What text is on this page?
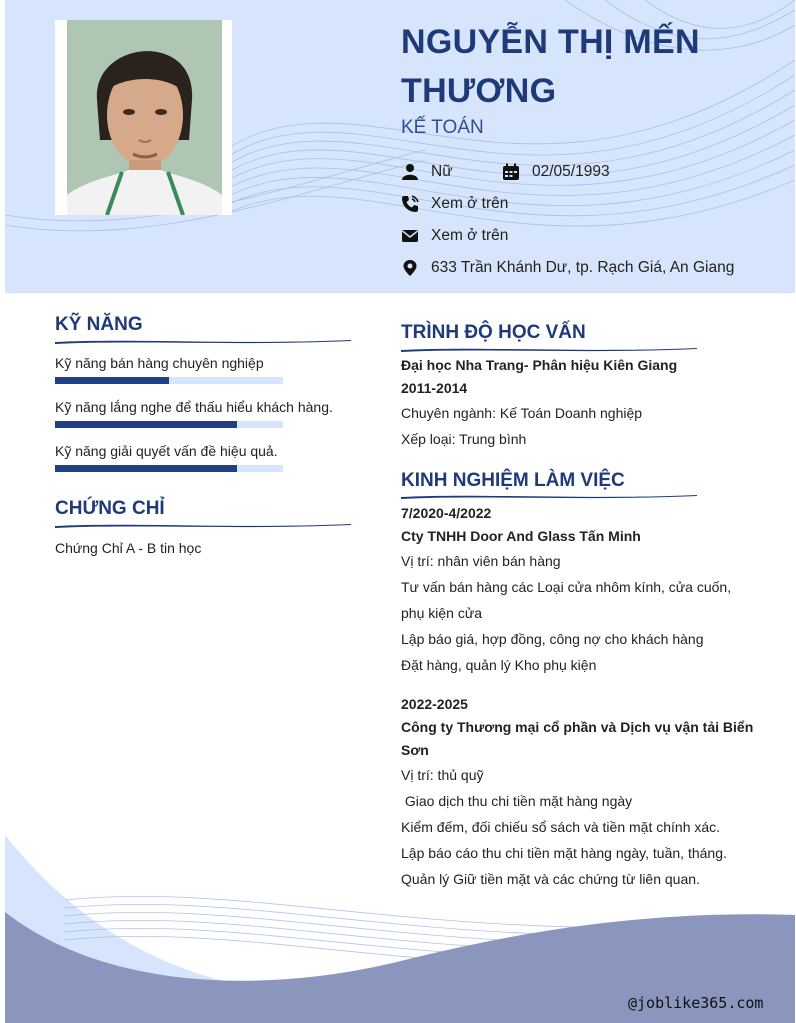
NGUYỄN THỊ MẾN
THƯƠNG
KẾ TOÁN
Nữ	02/05/1993
Xem ở trên
Xem ở trên
633 Trần Khánh Dư, tp. Rạch Giá, An Giang
KỸ NĂNG
Kỹ năng bán hàng chuyên nghiệp
Kỹ năng lắng nghe để thấu hiểu khách hàng.
Kỹ năng giải quyết vấn đề hiệu quả.
CHỨNG CHỈ
Chứng Chỉ A - B tin học
TRÌNH ĐỘ HỌC VẤN
Đại học Nha Trang- Phân hiệu Kiên Giang
2011-2014
Chuyên ngành: Kế Toán Doanh nghiệp
Xếp loại: Trung bình
KINH NGHIỆM LÀM VIỆC
7/2020-4/2022
Cty TNHH Door And Glass Tấn Minh
Vị trí: nhân viên bán hàng
Tư vấn bán hàng các Loại cửa nhôm kính, cửa cuốn,
phụ kiện cửa
Lập báo giá, hợp đồng, công nợ cho khách hàng
Đặt hàng, quản lý Kho phụ kiện
2022-2025
Công ty Thương mại cổ phần và Dịch vụ vận tải Biển
Sơn
Vị trí: thủ quỹ
Giao dịch thu chi tiền mặt hàng ngày
Kiểm đếm, đối chiếu sổ sách và tiền mặt chính xác.
Lập báo cáo thu chi tiền mặt hàng ngày, tuần, tháng.
Quản lý Giữ tiền mặt và các chứng từ liên quan.
@joblike365.com
